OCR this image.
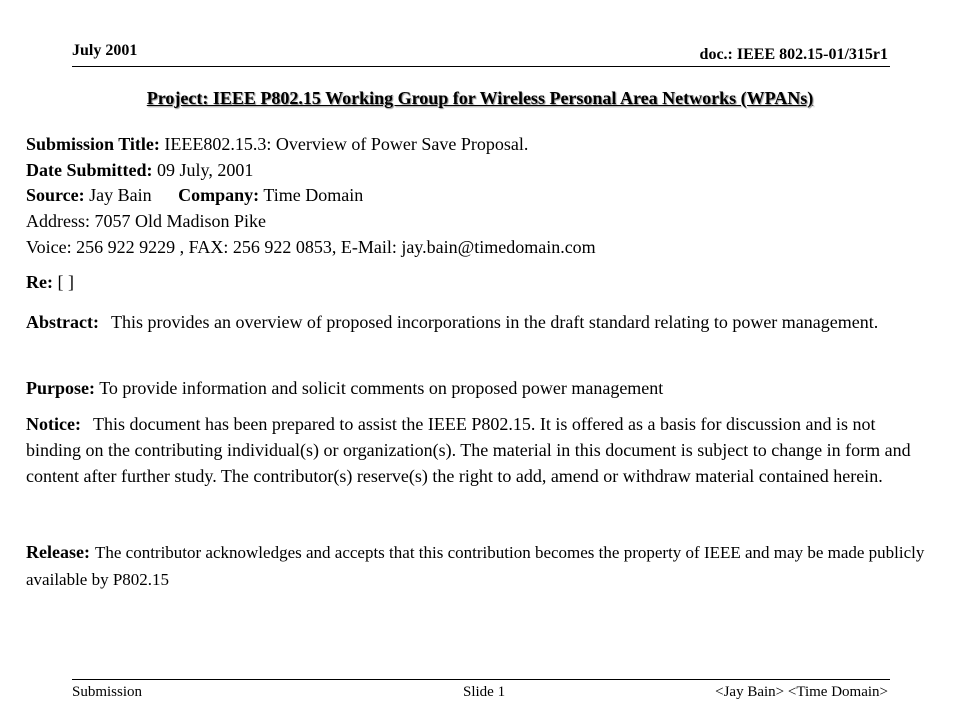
July 2001	doc.: IEEE 802.15-01/315r1
Project: IEEE P802.15 Working Group for Wireless Personal Area Networks (WPANs)
Submission Title: IEEE802.15.3: Overview of Power Save Proposal.
Date Submitted: 09 July, 2001
Source: Jay Bain Company: Time Domain
Address: 7057 Old Madison Pike
Voice: 256 922 9229 , FAX: 256 922 0853, E-Mail: jay.bain@timedomain.com
Re: [ ]
Abstract: This provides an overview of proposed incorporations in the draft standard relating to power management.
Purpose: To provide information and solicit comments on proposed power management
Notice: This document has been prepared to assist the IEEE P802.15. It is offered as a basis for discussion and is not binding on the contributing individual(s) or organization(s). The material in this document is subject to change in form and content after further study. The contributor(s) reserve(s) the right to add, amend or withdraw material contained herein.
Release: The contributor acknowledges and accepts that this contribution becomes the property of IEEE and may be made publicly available by P802.15
Submission	Slide 1	<Jay Bain> <Time Domain>
